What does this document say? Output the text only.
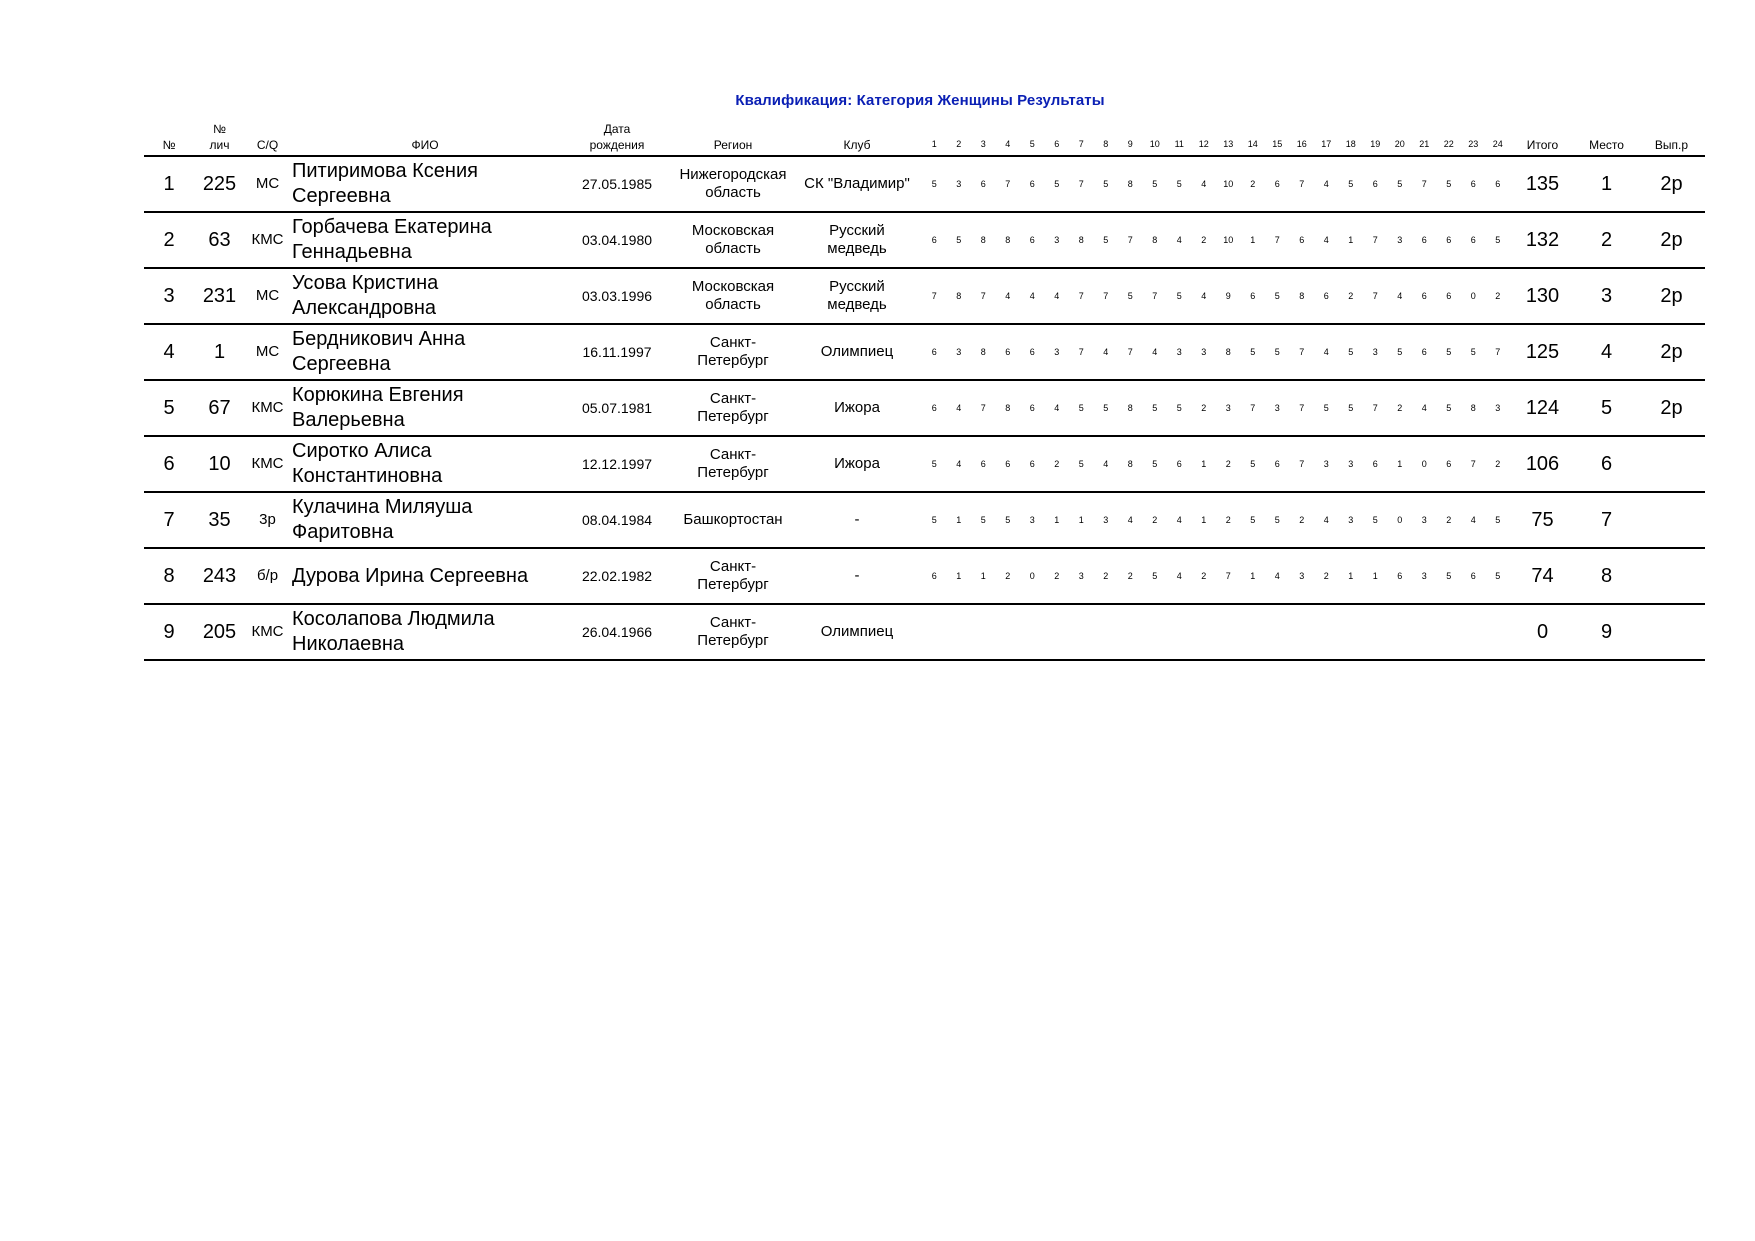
Квалификация: Категория Женщины Результаты
№	№
лич	С/Q	ФИО	Дата
рождения	Регион	Клуб	1	2	3	4	5	6	7	8	9	10	11	12	13	14	15	16	17	18	19	20	21	22	23	24	Итого	Место	Вып.р
1	225	МС	Питиримова Ксения
Сергеевна	27.05.1985	Нижегородская
область	СК "Владимир"	5	3	6	7	6	5	7	5	8	5	5	4	10	2	6	7	4	5	6	5	7	5	6	6	135	1	2р
2	63	КМС	Горбачева Екатерина
Геннадьевна	03.04.1980	Московская
область	Русский
медведь	6	5	8	8	6	3	8	5	7	8	4	2	10	1	7	6	4	1	7	3	6	6	6	5	132	2	2р
3	231	МС	Усова Кристина
Александровна	03.03.1996	Московская
область	Русский
медведь	7	8	7	4	4	4	7	7	5	7	5	4	9	6	5	8	6	2	7	4	6	6	0	2	130	3	2р
4	1	МС	Бердникович Анна
Сергеевна	16.11.1997	Санкт-
Петербург	Олимпиец	6	3	8	6	6	3	7	4	7	4	3	3	8	5	5	7	4	5	3	5	6	5	5	7	125	4	2р
5	67	КМС	Корюкина Евгения
Валерьевна	05.07.1981	Санкт-
Петербург	Ижора	6	4	7	8	6	4	5	5	8	5	5	2	3	7	3	7	5	5	7	2	4	5	8	3	124	5	2р
6	10	КМС	Сиротко Алиса
Константиновна	12.12.1997	Санкт-
Петербург	Ижора	5	4	6	6	6	2	5	4	8	5	6	1	2	5	6	7	3	3	6	1	0	6	7	2	106	6	
7	35	3р	Кулачина Миляуша
Фаритовна	08.04.1984	Башкортостан	-	5	1	5	5	3	1	1	3	4	2	4	1	2	5	5	2	4	3	5	0	3	2	4	5	75	7	
8	243	б/р	Дурова Ирина Сергеевна	22.02.1982	Санкт-
Петербург	-	6	1	1	2	0	2	3	2	2	5	4	2	7	1	4	3	2	1	1	6	3	5	6	5	74	8	
9	205	КМС	Косолапова Людмила
Николаевна	26.04.1966	Санкт-
Петербург	Олимпиец																									0	9	
